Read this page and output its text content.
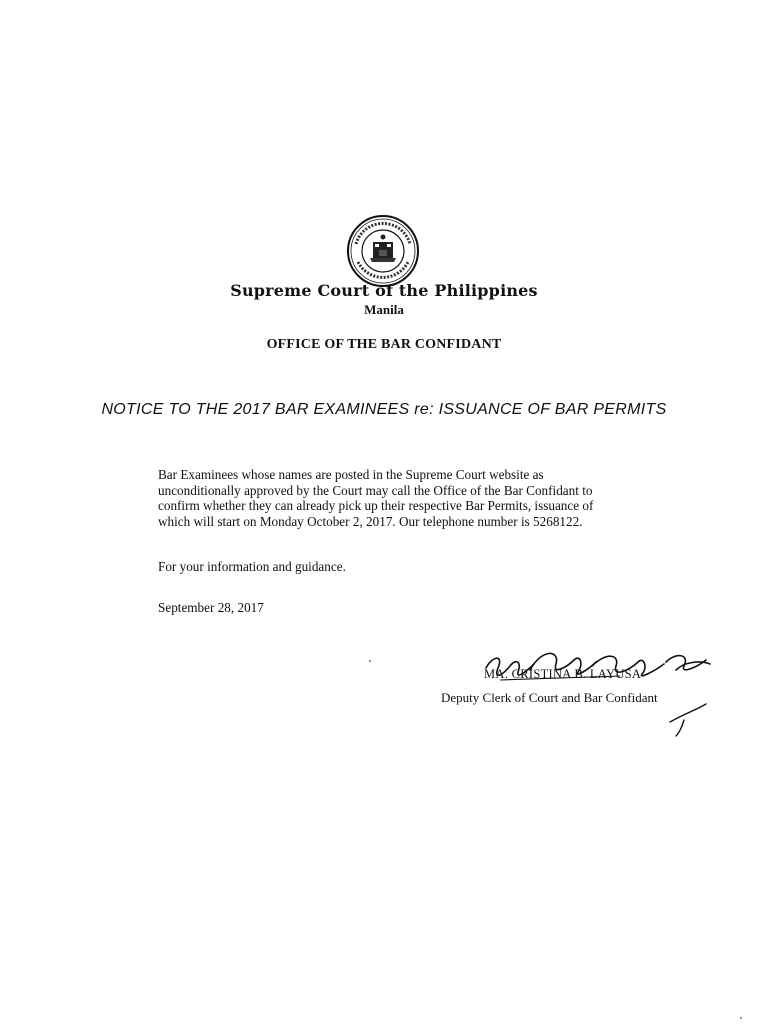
Supreme Court of the Philippines
Manila
OFFICE OF THE BAR CONFIDANT
NOTICE TO THE 2017 BAR EXAMINEES re: ISSUANCE OF BAR PERMITS
Bar Examinees whose names are posted in the Supreme Court website as
unconditionally approved by the Court may call the Office of the Bar Confidant to
confirm whether they can already pick up their respective Bar Permits, issuance of
which will start on Monday October 2, 2017. Our telephone number is 5268122.
For your information and guidance.
September 28, 2017
MA. CRISTINA B. LAYUSA
Deputy Clerk of Court and Bar Confidant
